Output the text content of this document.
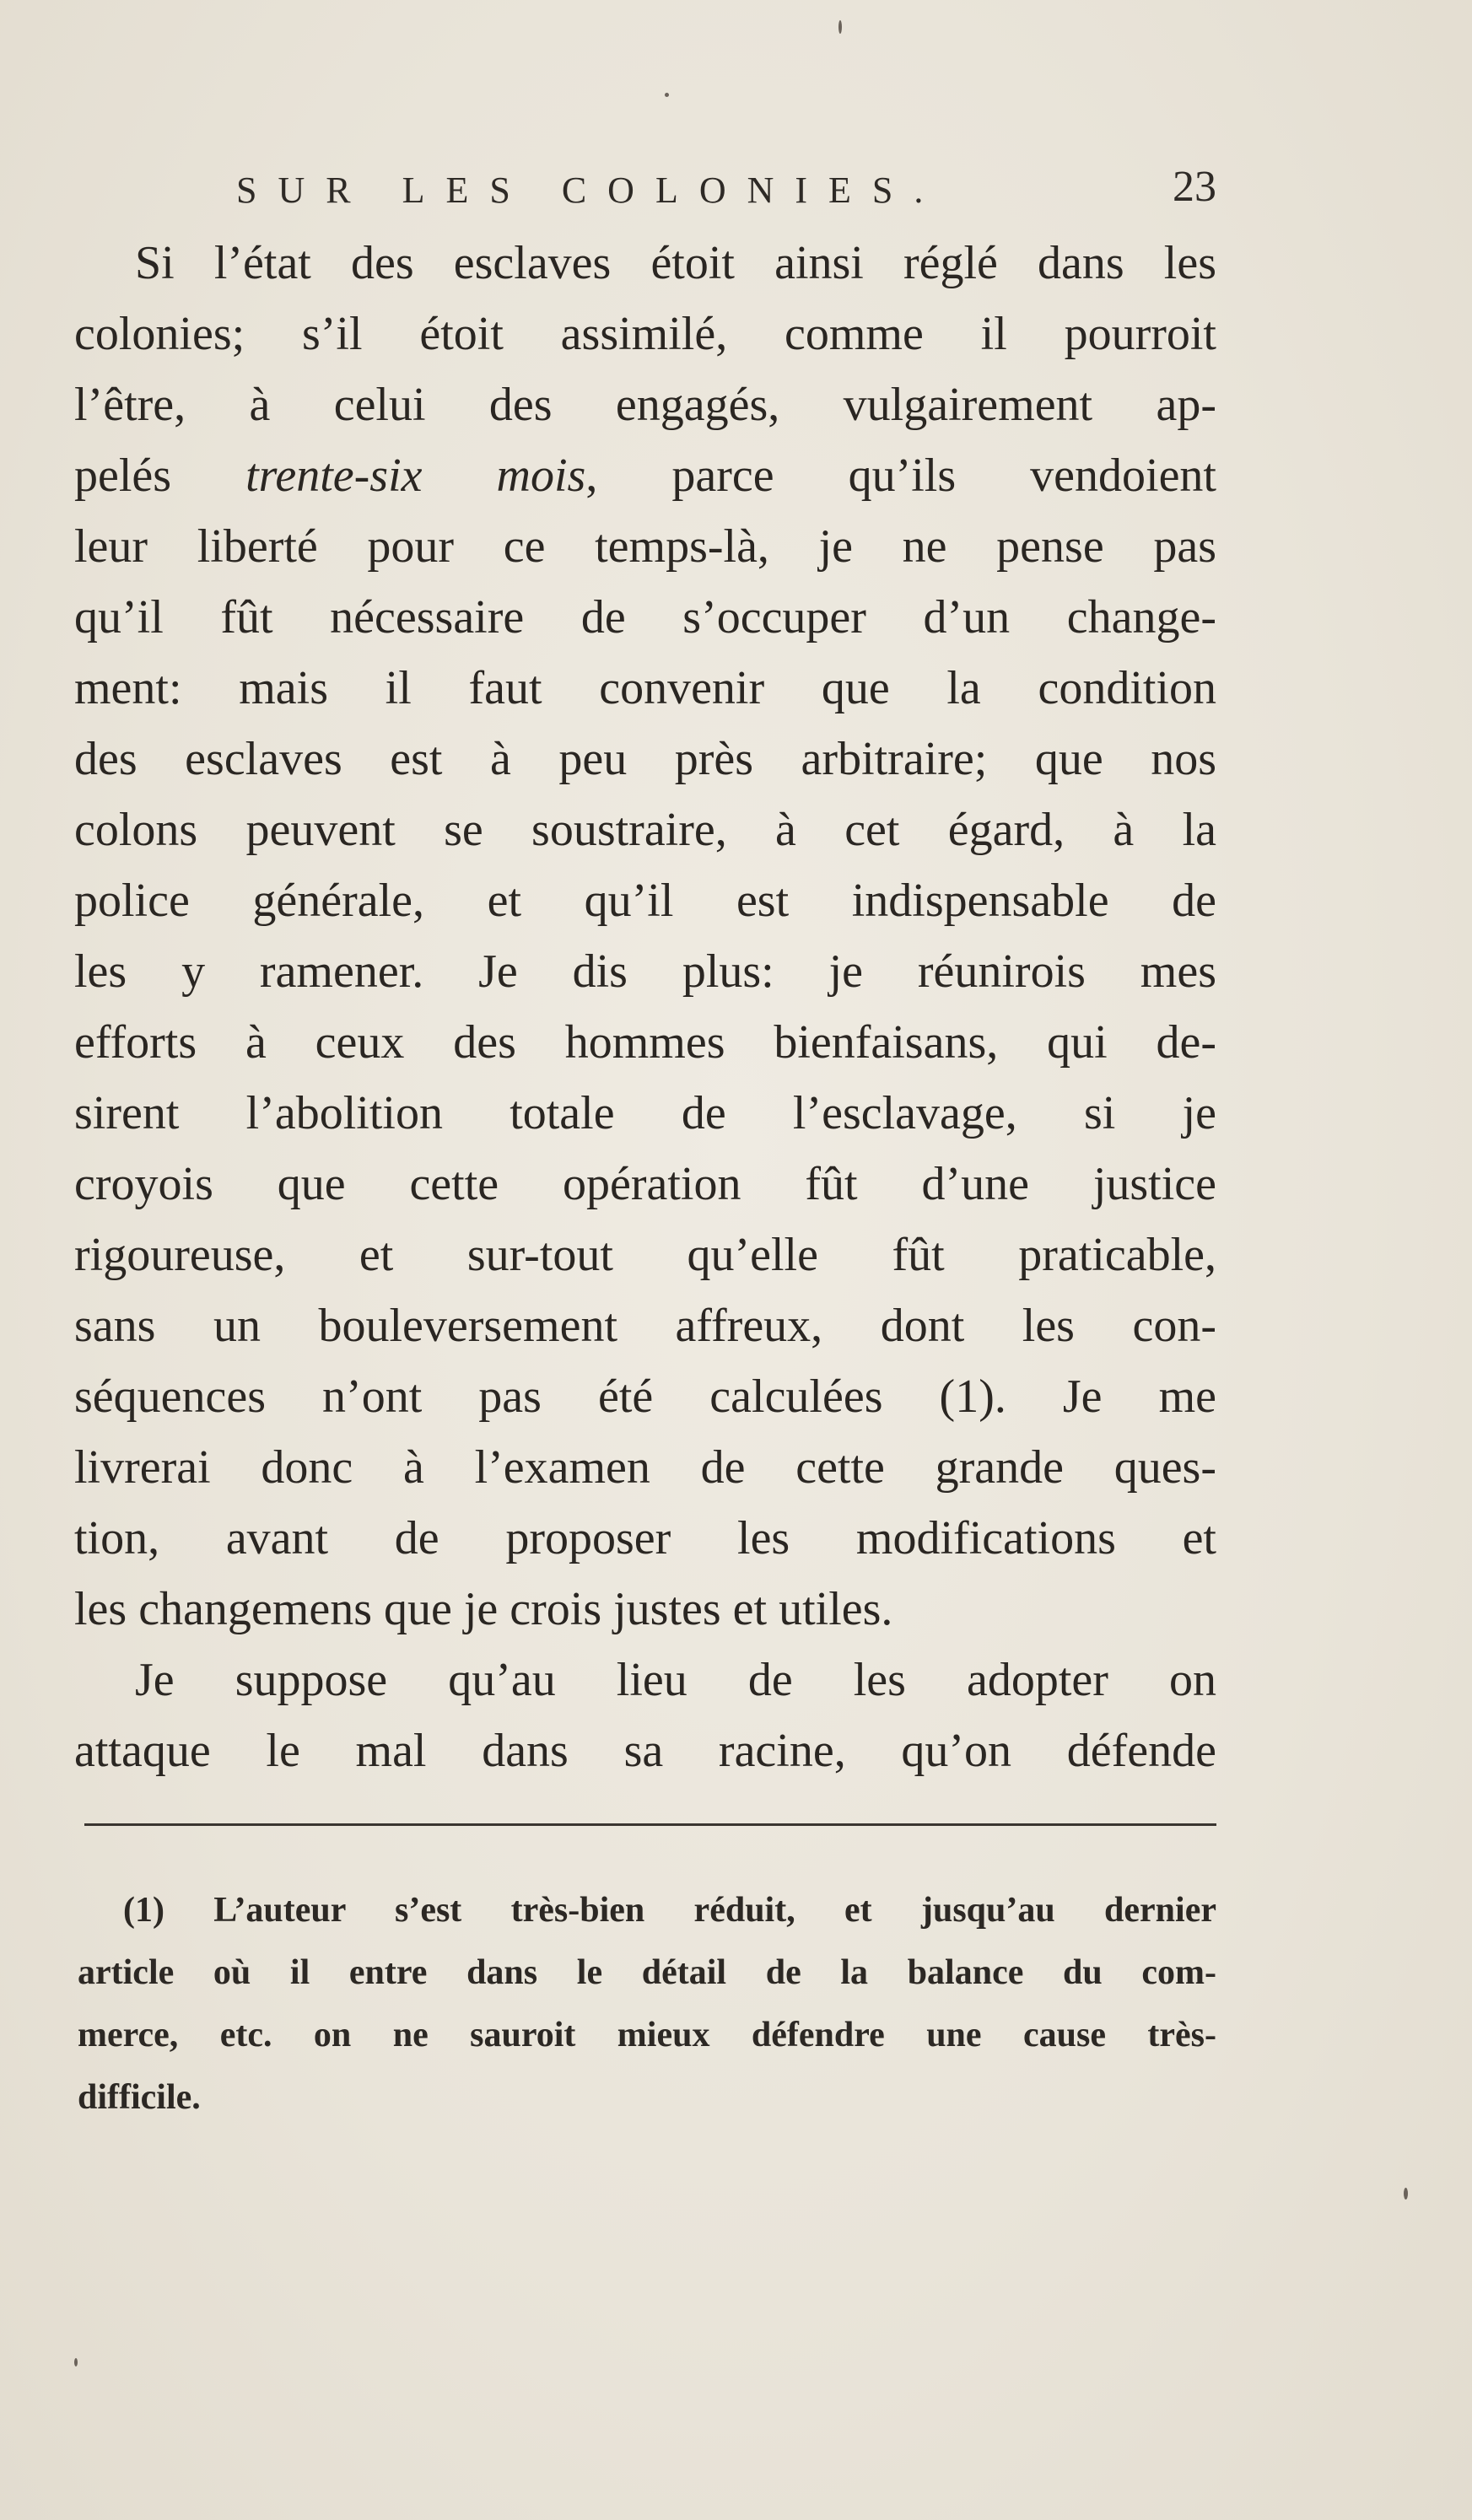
SUR LES COLONIES.	23
Si l’état des esclaves étoit ainsi réglé dans les
colonies; s’il étoit assimilé, comme il pourroit
l’être, à celui des engagés, vulgairement ap-
pelés trente-six mois, parce qu’ils vendoient
leur liberté pour ce temps-là, je ne pense pas
qu’il fût nécessaire de s’occuper d’un change-
ment: mais il faut convenir que la condition
des esclaves est à peu près arbitraire; que nos
colons peuvent se soustraire, à cet égard, à la
police générale, et qu’il est indispensable de
les y ramener. Je dis plus: je réunirois mes
efforts à ceux des hommes bienfaisans, qui de-
sirent l’abolition totale de l’esclavage, si je
croyois que cette opération fût d’une justice
rigoureuse, et sur-tout qu’elle fût praticable,
sans un bouleversement affreux, dont les con-
séquences n’ont pas été calculées (1). Je me
livrerai donc à l’examen de cette grande ques-
tion, avant de proposer les modifications et
les changemens que je crois justes et utiles.
Je suppose qu’au lieu de les adopter on
attaque le mal dans sa racine, qu’on défende
(1) L’auteur s’est très-bien réduit, et jusqu’au dernier
article où il entre dans le détail de la balance du com-
merce, etc. on ne sauroit mieux défendre une cause très-
difficile.
